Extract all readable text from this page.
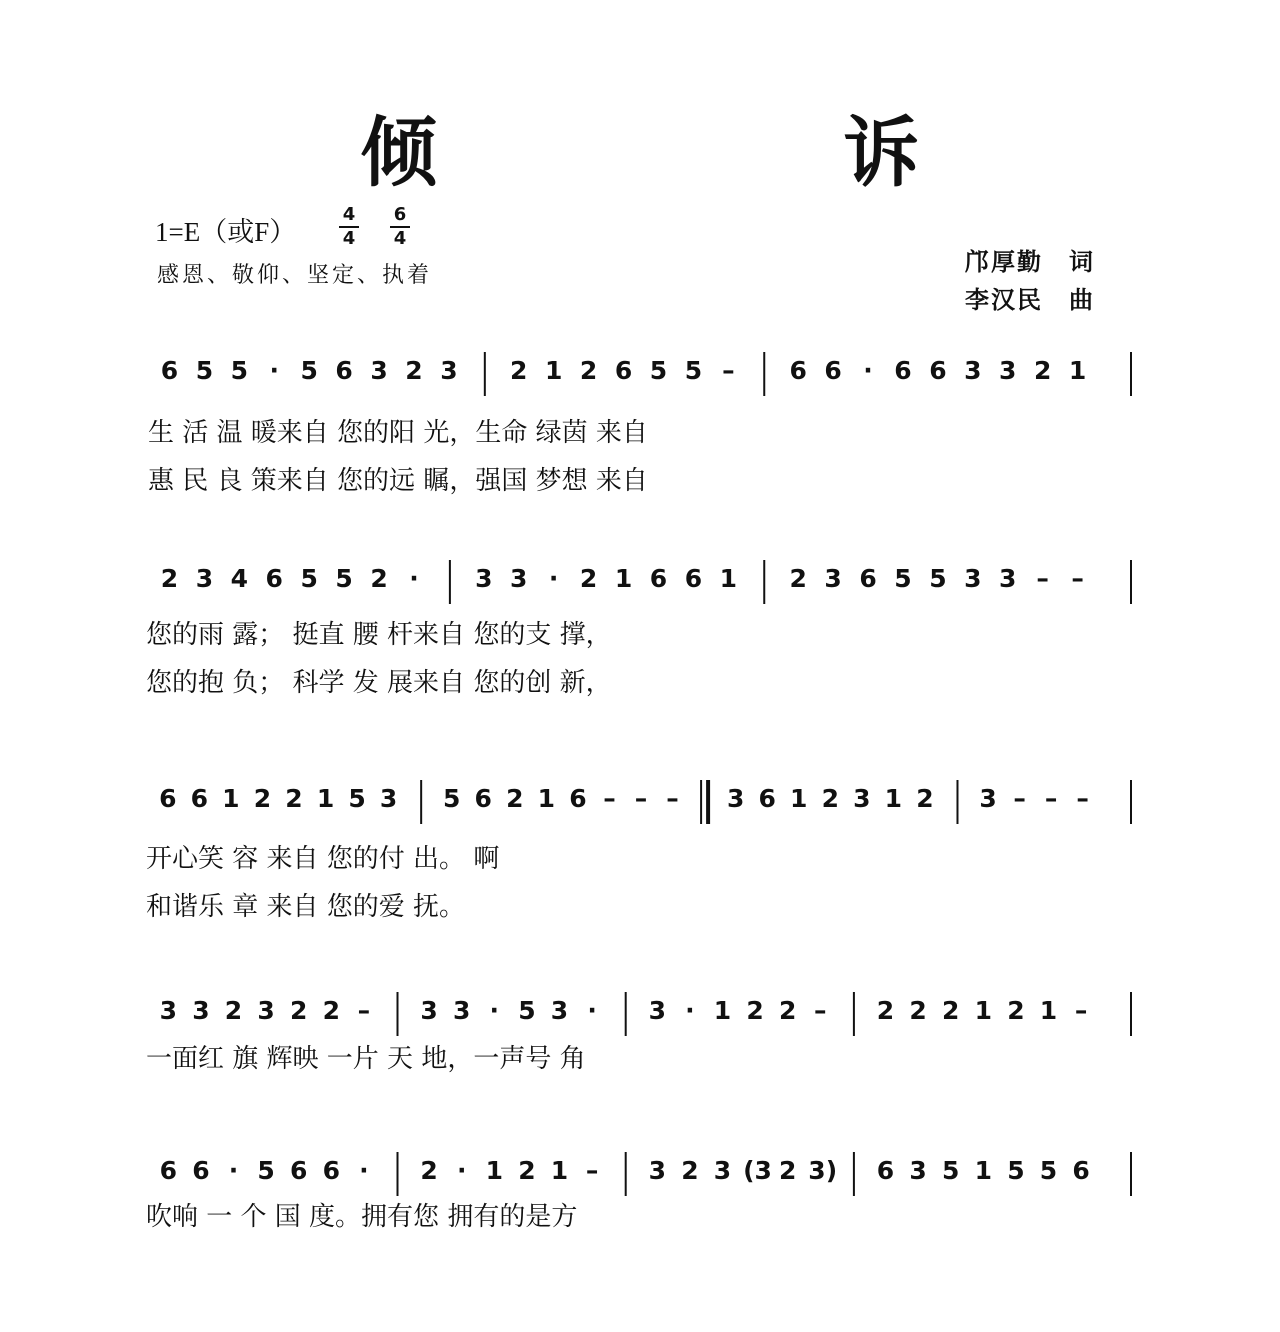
倾 诉
1=E（或F）
4
4
6
4
感恩、敬仰、坚定、执着	邝厚勤 词
李汉民 曲
6 5 5 · 5 6 3 2 3 2 1 2 6 5 5 – 6 6 · 6 6 3 3 2 1
生 活 温 暖来自 您的阳 光，生命 绿茵 来自
惠 民 良 策来自 您的远 瞩，强国 梦想 来自
2 3 4 6 5 5 2 · 3 3 · 2 1 6 6 1 2 3 6 5 5 3 3 – –
您的雨 露； 挺直 腰 杆来自 您的支 撑，
您的抱 负； 科学 发 展来自 您的创 新，
6 6 1 2 2 1 5 3 5 6 2 1 6 – – – 3 6 1 2 3 1 2 3 – – –
开心笑 容 来自 您的付 出。 啊
和谐乐 章 来自 您的爱 抚。
3 3 2 3 2 2 – 3 3 · 5 3 · 3 · 1 2 2 – 2 2 2 1 2 1 –
一面红 旗 辉映 一片 天 地，一声号 角
6 6 · 5 6 6 · 2 · 1 2 1 – 3 2 3 (3 2 3) 6 3 5 1 5 5 6
吹响 一 个 国 度。拥有您 拥有的是方
